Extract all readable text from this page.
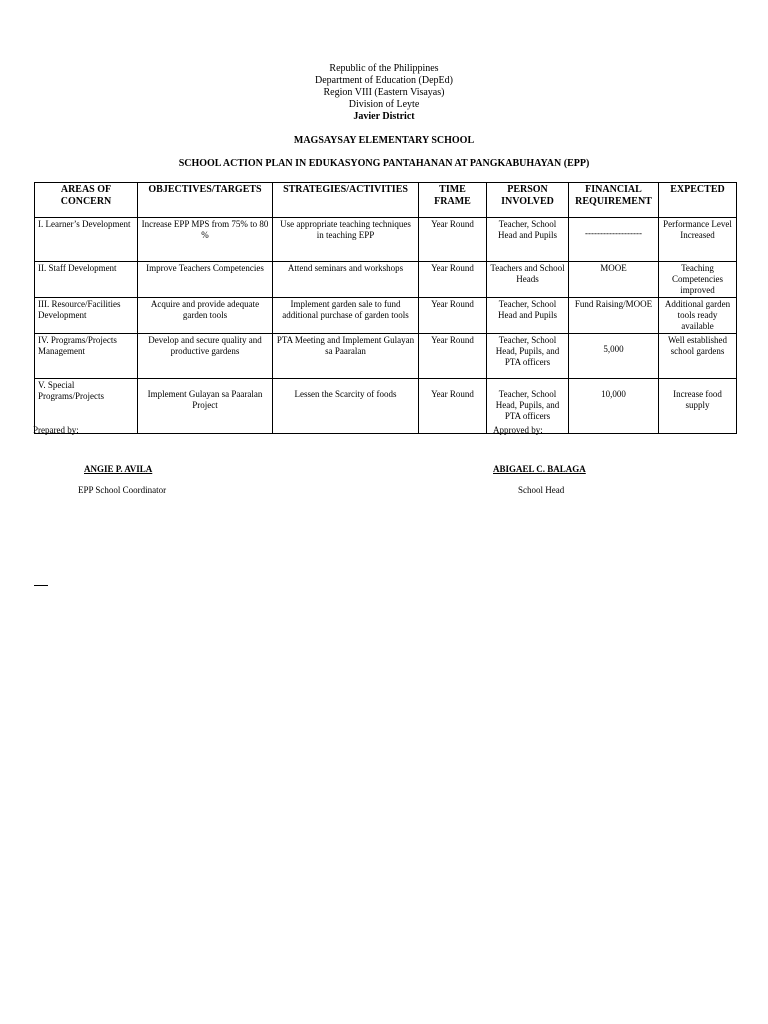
Republic of the Philippines
Department of Education (DepEd)
Region VIII (Eastern Visayas)
Division of Leyte
Javier District
MAGSAYSAY ELEMENTARY SCHOOL
SCHOOL ACTION PLAN IN EDUKASYONG PANTAHANAN AT PANGKABUHAYAN (EPP)
AREAS OF CONCERN	OBJECTIVES/TARGETS	STRATEGIES/ACTIVITIES	TIME FRAME	PERSON INVOLVED	FINANCIAL REQUIREMENT	EXPECTED
I. Learner’s Development	Increase EPP MPS from 75% to 80 %	Use appropriate teaching techniques in teaching EPP	Year Round	Teacher, School Head and Pupils	-------------------	Performance Level Increased
II. Staff Development	Improve Teachers Competencies	Attend seminars and workshops	Year Round	Teachers and School Heads	MOOE	Teaching Competencies improved
III. Resource/Facilities Development	Acquire and provide adequate garden tools	Implement garden sale to fund additional purchase of garden tools	Year Round	Teacher, School Head and Pupils	Fund Raising/MOOE	Additional garden tools ready available
IV. Programs/Projects Management	Develop and secure quality and productive gardens	PTA Meeting and Implement Gulayan sa Paaralan	Year Round	Teacher, School Head, Pupils, and PTA officers	5,000	Well established school gardens
V. Special Programs/Projects	Implement Gulayan sa Paaralan Project	Lessen the Scarcity of foods	Year Round	Teacher, School Head, Pupils, and PTA officers	10,000	Increase food supply
Prepared by:	Approved by:
ANGIE P. AVILA	ABIGAEL C. BALAGA
EPP School Coordinator	School Head
